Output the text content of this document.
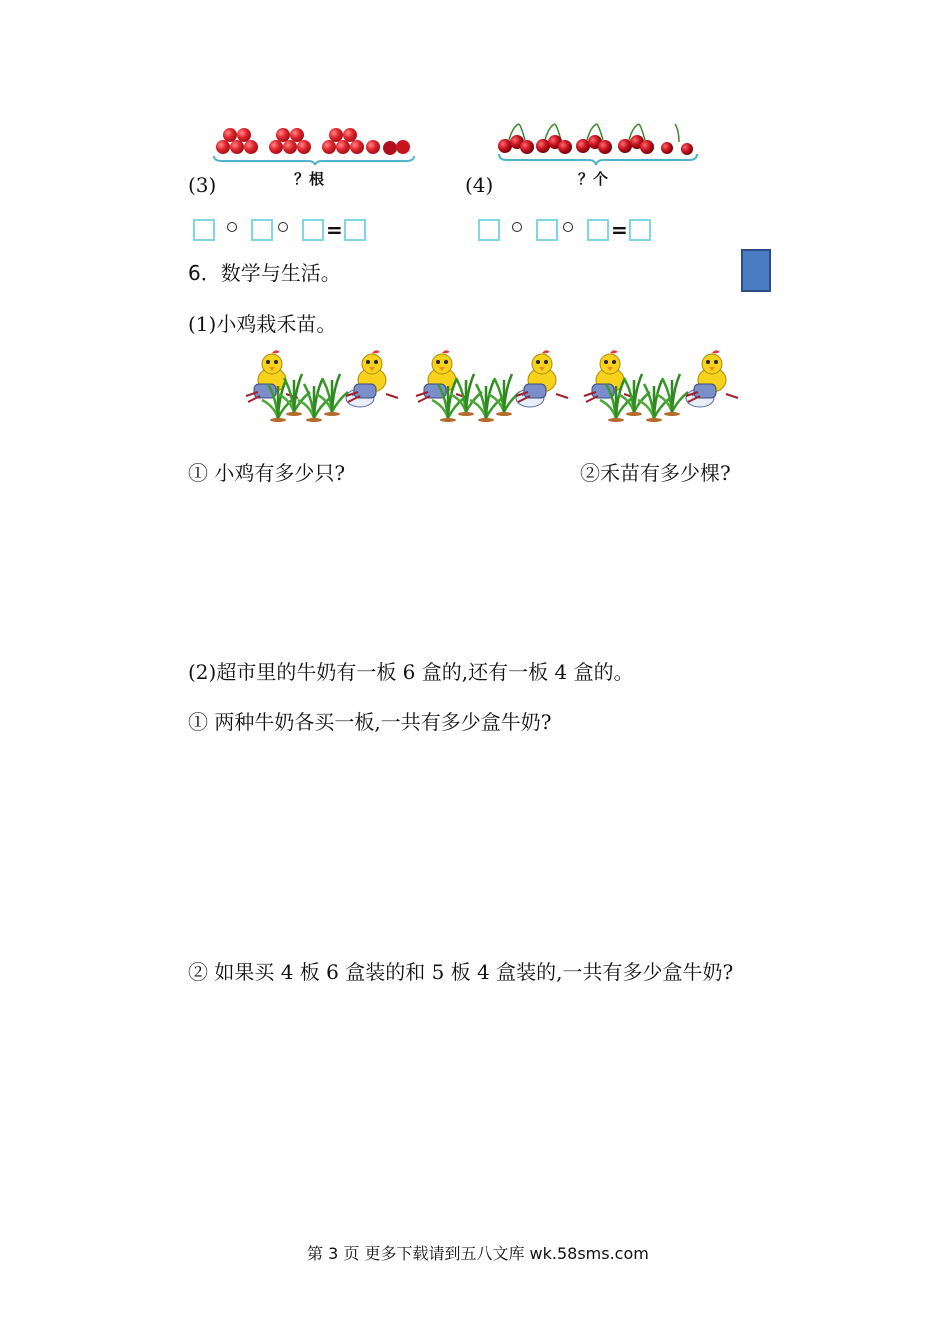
(3)	？根	(4)	？个
=	=
6．数学与生活。
(1)小鸡栽禾苗。
① 小鸡有多少只?	②禾苗有多少棵?
(2)超市里的牛奶有一板 6 盒的,还有一板 4 盒的。
① 两种牛奶各买一板,一共有多少盒牛奶?
② 如果买 4 板 6 盒装的和 5 板 4 盒装的,一共有多少盒牛奶?
第 3 页 更多下载请到五八文库 wk.58sms.com
